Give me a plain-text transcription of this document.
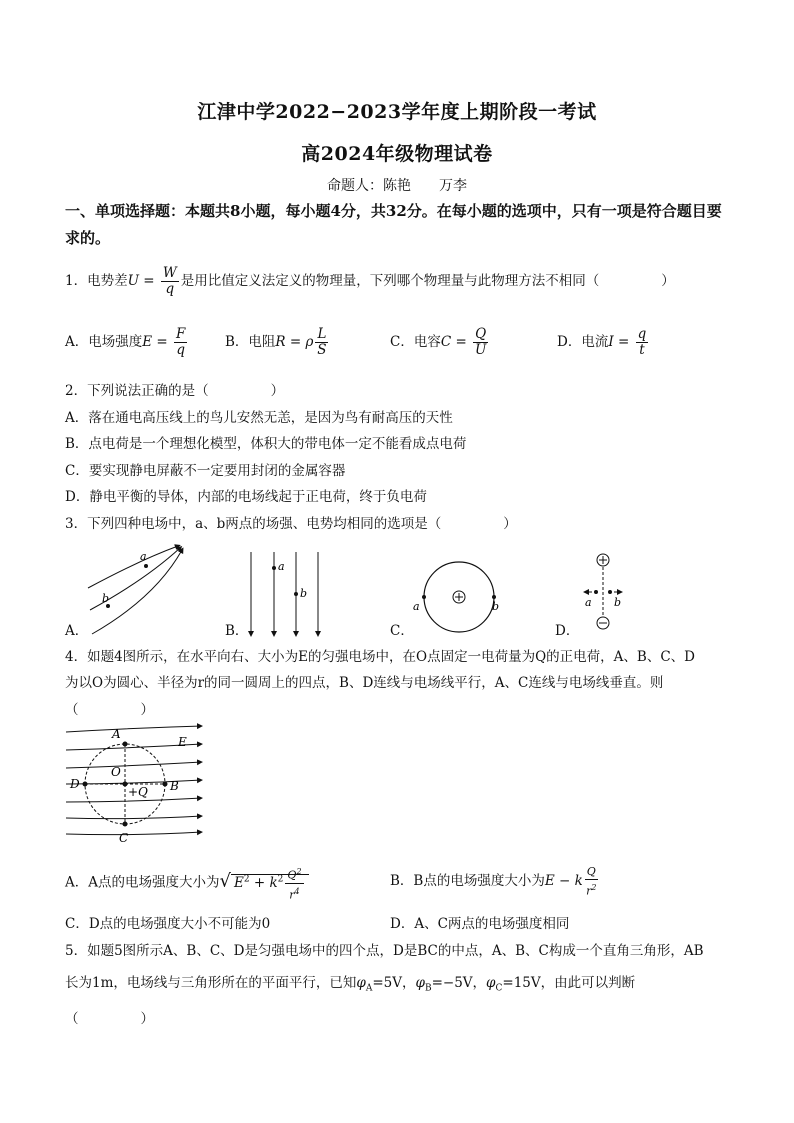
江津中学2022−2023学年度上期阶段一考试
高2024年级物理试卷
命题人：陈艳 万李
一、单项选择题：本题共8小题，每小题4分，共32分。在每小题的选项中，只有一项是符合题目要求的。
1．电势差$U = \frac{W}{q}$ 是用比值定义法定义的物理量，下列哪个物理量与此物理方法不相同（	）
A．电场强度$E = \frac{F}{q}$	B．电阻R = ρ $\frac{L}{S}$	C．电容$C = \frac{Q}{U}$	D．电流$I = \frac{q}{t}$
2．下列说法正确的是（	）
A．落在通电高压线上的鸟儿安然无恙，是因为鸟有耐高压的天性
B．点电荷是一个理想化模型，体积大的带电体一定不能看成点电荷
C．要实现静电屏蔽不一定要用封闭的金属容器
D．静电平衡的导体，内部的电场线起于正电荷，终于负电荷
3．下列四种电场中，a、b两点的场强、电势均相同的选项是（	）
a
b
a
b
a	b	a b
A．	B．	C．	D．
4．如题4图所示，在水平向右、大小为E的匀强电场中，在O点固定一电荷量为Q的正电荷，A、B、C、D
为以O为圆心、半径为r的同一圆周上的四点，B、D连线与电场线平行，A、C连线与电场线垂直。则
（	）
A
E
O
D	B
+Q
C
A．A点的电场强度大小为√ $E^2 + k^2 \frac{Q^2}{r^4}$	B．B点的电场强度大小为E − k $\frac{Q}{r^2}$
C．D点的电场强度大小不可能为0	D．A、C两点的电场强度相同
5．如题5图所示A、B、C、D是匀强电场中的四个点，D是BC的中点，A、B、C构成一个直角三角形，AB
长为1m，电场线与三角形所在的平面平行，已知$\varphi_A=5V$，$\varphi_B=-5V$，$\varphi_C=15V$，由此可以判断
（	）
